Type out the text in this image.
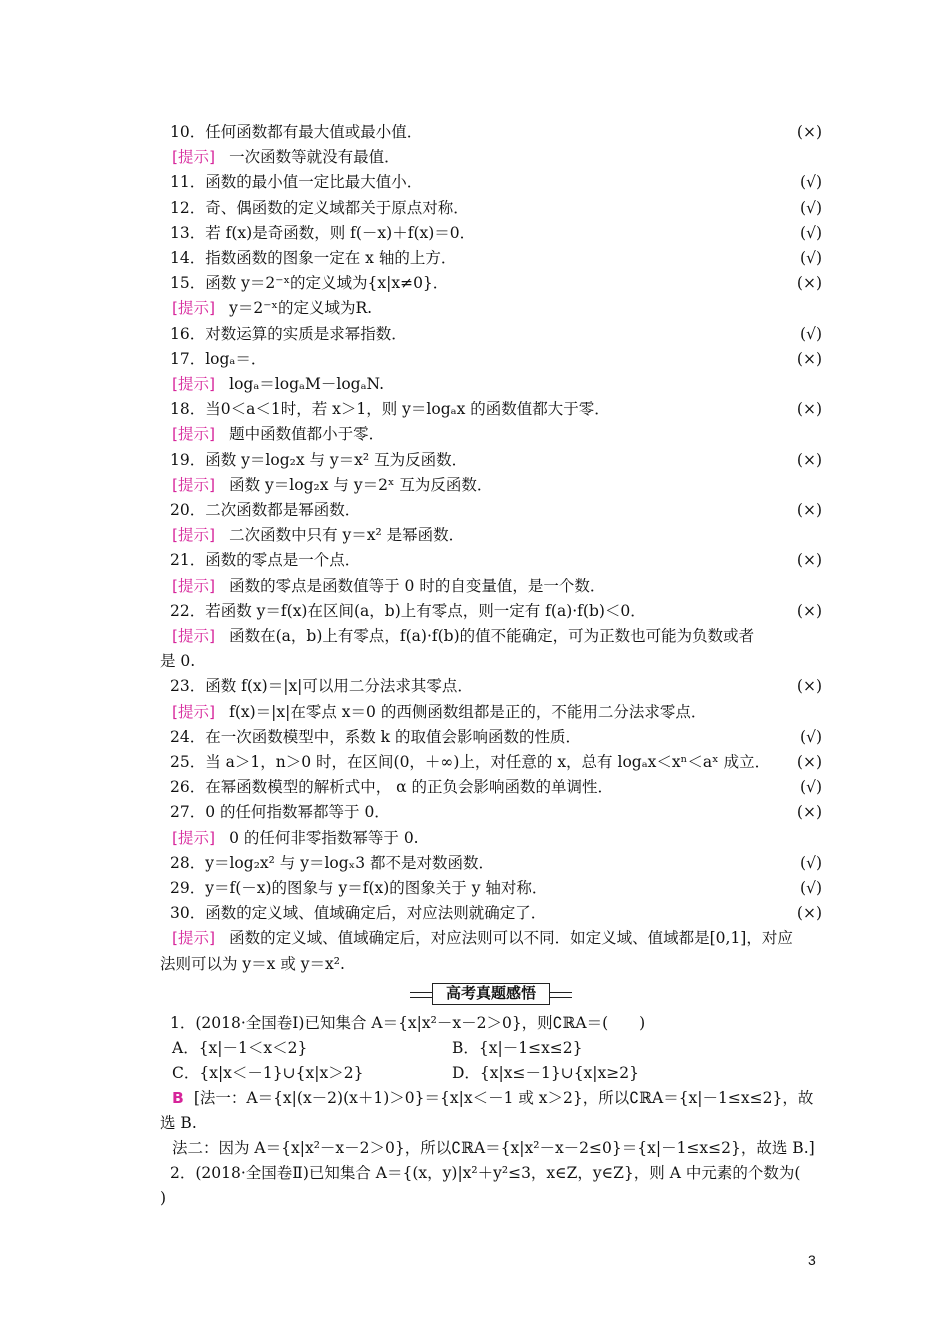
10．任何函数都有最大值或最小值．	(×)
[提示] 一次函数等就没有最值．
11．函数的最小值一定比最大值小．	(√)
12．奇、偶函数的定义域都关于原点对称．	(√)
13．若 f(x)是奇函数，则 f(－x)＋f(x)＝0．	(√)
14．指数函数的图象一定在 x 轴的上方．	(√)
15．函数 y＝2⁻ˣ的定义域为{x|x≠0}．	(×)
[提示] y＝2⁻ˣ的定义域为R.
16．对数运算的实质是求幂指数．	(√)
17．logₐ＝．	(×)
[提示] logₐ＝logₐM－logₐN.
18．当0＜a＜1时，若 x＞1，则 y＝logₐx 的函数值都大于零．	(×)
[提示] 题中函数值都小于零．
19．函数 y＝log₂x 与 y＝x² 互为反函数．	(×)
[提示] 函数 y＝log₂x 与 y＝2ˣ 互为反函数．
20．二次函数都是幂函数．	(×)
[提示] 二次函数中只有 y＝x² 是幂函数．
21．函数的零点是一个点．	(×)
[提示] 函数的零点是函数值等于 0 时的自变量值，是一个数．
22．若函数 y＝f(x)在区间(a，b)上有零点，则一定有 f(a)·f(b)＜0．	(×)
[提示] 函数在(a，b)上有零点，f(a)·f(b)的值不能确定，可为正数也可能为负数或者
是 0.
23．函数 f(x)＝|x|可以用二分法求其零点．	(×)
[提示] f(x)＝|x|在零点 x＝0 的西侧函数组都是正的，不能用二分法求零点．
24．在一次函数模型中，系数 k 的取值会影响函数的性质．	(√)
25．当 a＞1，n＞0 时，在区间(0，＋∞)上，对任意的 x，总有 logₐx＜xⁿ＜aˣ 成立． (×)
26．在幂函数模型的解析式中， α 的正负会影响函数的单调性．	(√)
27．0 的任何指数幂都等于 0．	(×)
[提示] 0 的任何非零指数幂等于 0.
28．y＝log₂x² 与 y＝logₓ3 都不是对数函数．	(√)
29．y＝f(－x)的图象与 y＝f(x)的图象关于 y 轴对称．	(√)
30．函数的定义域、值域确定后，对应法则就确定了．	(×)
[提示] 函数的定义域、值域确定后，对应法则可以不同．如定义域、值域都是[0,1]，对应
法则可以为 y＝x 或 y＝x².
高考真题感悟
1．(2018·全国卷Ⅰ)已知集合 A＝{x|x²－x－2＞0}，则∁ℝA＝(　　)
A．{x|－1＜x＜2}	B．{x|－1≤x≤2}
C．{x|x＜－1}∪{x|x＞2}	D．{x|x≤－1}∪{x|x≥2}
B [法一：A＝{x|(x－2)(x＋1)＞0}＝{x|x＜－1 或 x＞2}，所以∁ℝA＝{x|－1≤x≤2}，故
选 B.
法二：因为 A＝{x|x²－x－2＞0}，所以∁ℝA＝{x|x²－x－2≤0}＝{x|－1≤x≤2}，故选 B.]
2．(2018·全国卷Ⅱ)已知集合 A＝{(x，y)|x²＋y²≤3，x∈Z，y∈Z}，则 A 中元素的个数为(
)
3
